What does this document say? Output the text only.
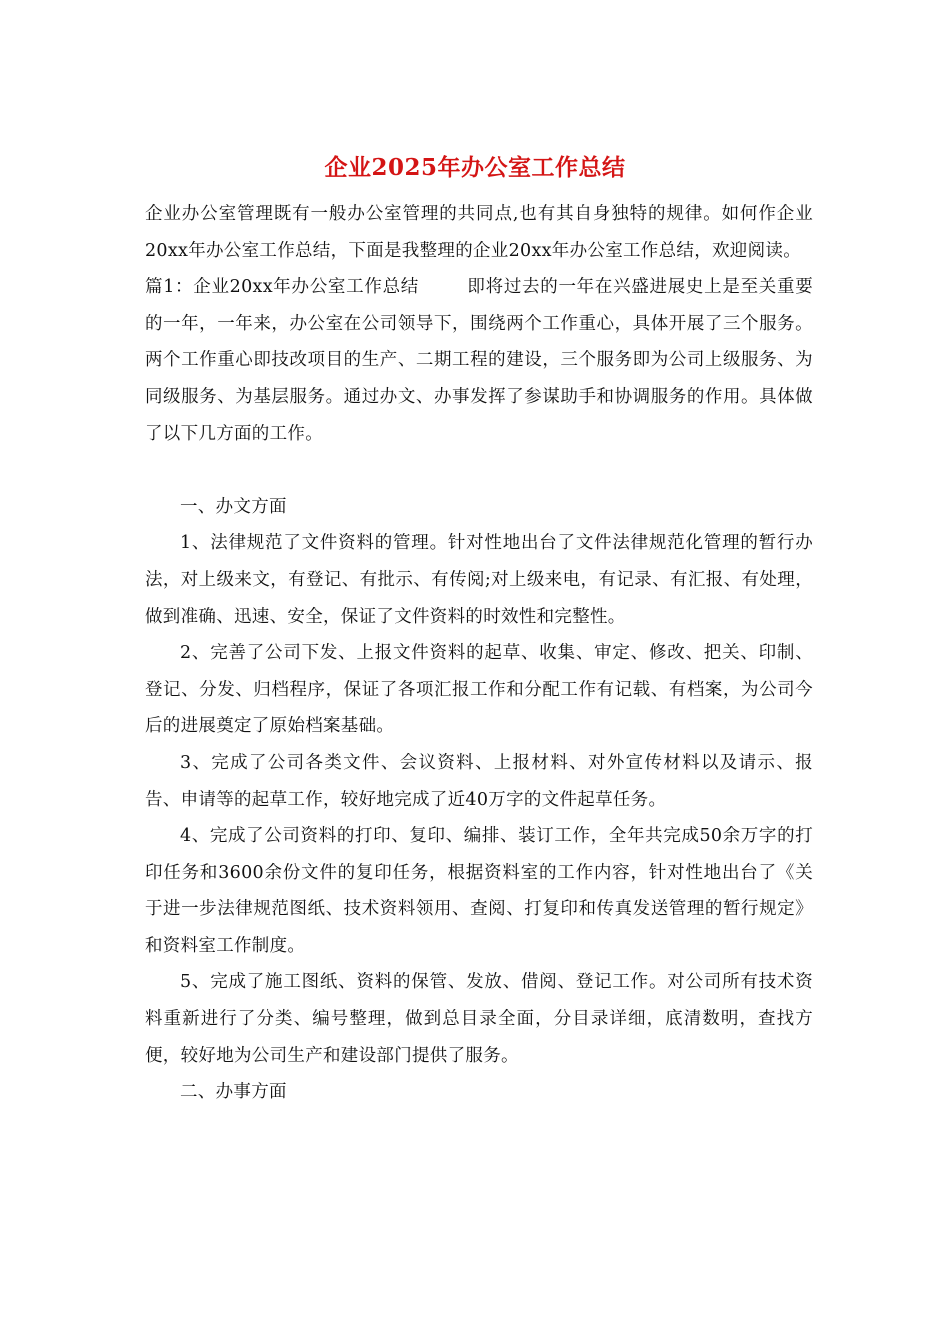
企业2025年办公室工作总结

企业办公室管理既有一般办公室管理的共同点,也有其自身独特的规律。如何作企业20xx年办公室工作总结，下面是我整理的企业20xx年办公室工作总结，欢迎阅读。

篇1：企业20xx年办公室工作总结	即将过去的一年在兴盛进展史上是至关重要的一年，一年来，办公室在公司领导下，围绕两个工作重心，具体开展了三个服务。两个工作重心即技改项目的生产、二期工程的建设，三个服务即为公司上级服务、为同级服务、为基层服务。通过办文、办事发挥了参谋助手和协调服务的作用。具体做了以下几方面的工作。

一、办文方面

1、法律规范了文件资料的管理。针对性地出台了文件法律规范化管理的暂行办法，对上级来文，有登记、有批示、有传阅;对上级来电，有记录、有汇报、有处理，做到准确、迅速、安全，保证了文件资料的时效性和完整性。

2、完善了公司下发、上报文件资料的起草、收集、审定、修改、把关、印制、登记、分发、归档程序，保证了各项汇报工作和分配工作有记载、有档案，为公司今后的进展奠定了原始档案基础。

3、完成了公司各类文件、会议资料、上报材料、对外宣传材料以及请示、报告、申请等的起草工作，较好地完成了近40万字的文件起草任务。

4、完成了公司资料的打印、复印、编排、装订工作，全年共完成50余万字的打印任务和3600余份文件的复印任务，根据资料室的工作内容，针对性地出台了《关于进一步法律规范图纸、技术资料领用、查阅、打复印和传真发送管理的暂行规定》和资料室工作制度。

5、完成了施工图纸、资料的保管、发放、借阅、登记工作。对公司所有技术资料重新进行了分类、编号整理，做到总目录全面，分目录详细，底清数明，查找方便，较好地为公司生产和建设部门提供了服务。

二、办事方面
